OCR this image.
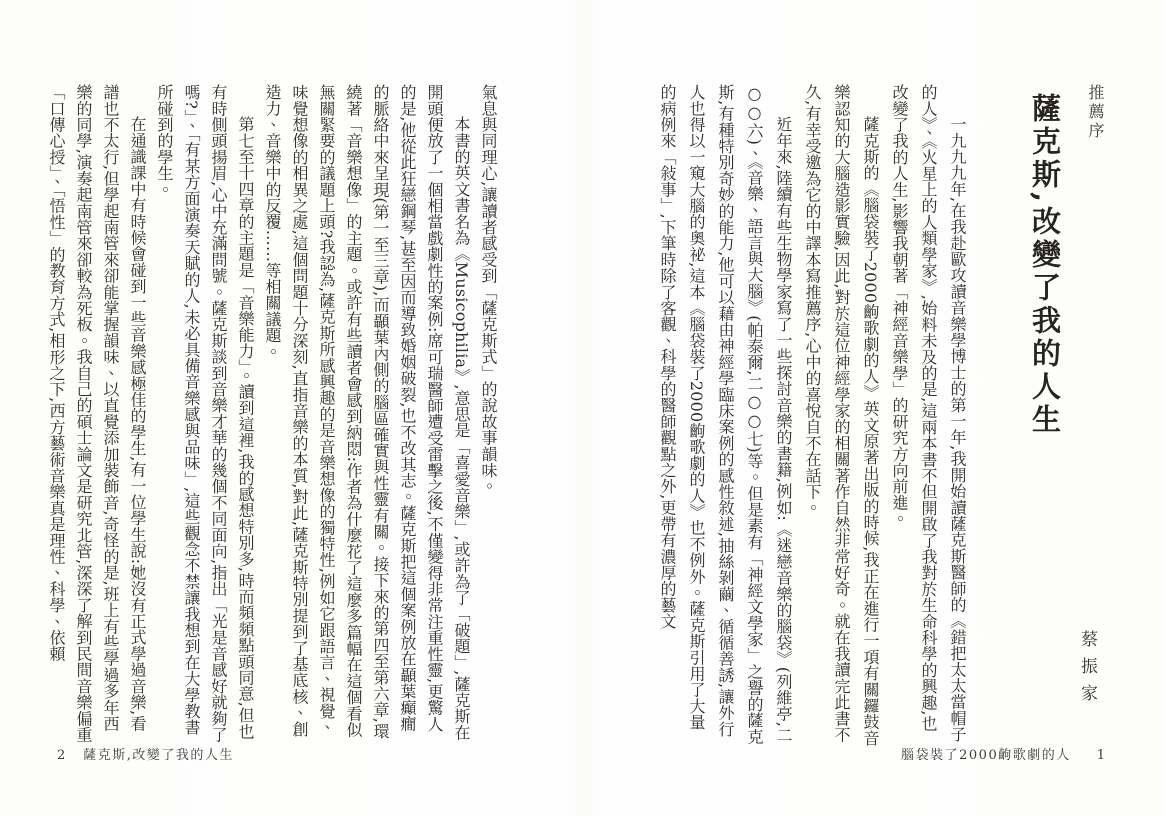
氣息與同理心,讓讀者感受到「薩克斯式」的說故事韻味。

本書的英文書名為《Musicophilia》,意思是「喜愛音樂」,或許為了「破題」,薩克斯在開頭便放了一個相當戲劇性的案例:席可瑞醫師遭受雷擊之後,不僅變得非常注重性靈,更驚人的是,他從此狂戀鋼琴,甚至因而導致婚姻破裂,也不改其志。薩克斯把這個案例放在顳葉癲癇的脈絡中來呈現(第一至三章),而顳葉內側的腦區確實與性靈有關。接下來的第四至第六章,環繞著「音樂想像」的主題。或許有些讀者會感到納悶:作者為什麼花了這麼多篇幅在這個看似無關緊要的議題上頭?我認為,薩克斯所感興趣的是音樂想像的獨特性,例如它跟語言、視覺、味覺想像的相異之處,這個問題十分深刻,直指音樂的本質,對此,薩克斯特別提到了基底核、創造力、音樂中的反覆……等相關議題。

第七至十四章的主題是「音樂能力」。讀到這裡,我的感想特別多,時而頻頻點頭同意,但也有時側頭揚眉,心中充滿問號。薩克斯談到音樂才華的幾個不同面向,指出「光是音感好就夠了嗎?」、「有某方面演奏天賦的人,未必具備音樂感與品味」,這些觀念不禁讓我想到在大學教書所碰到的學生。

在通識課中有時候會碰到一些音樂感極佳的學生,有一位學生說:她沒有正式學過音樂,看譜也不太行,但學起南管來卻能掌握韻味、以直覺添加裝飾音,奇怪的是,班上有些學過多年西樂的同學,演奏起南管來卻較為死板。我自己的碩士論文是研究北管,深深了解到民間音樂偏重「口傳心授」、「悟性」的教育方式,相形之下,西方藝術音樂真是理性、科學、依賴

2 薩克斯,改變了我的人生
推薦序
薩克斯,改變了我的人生
蔡振家

一九九九年,在我赴歐攻讀音樂學博士的第一年,我開始讀薩克斯醫師的《錯把太太當帽子的人》、《火星上的人類學家》,始料未及的是,這兩本書不但開啟了我對於生命科學的興趣,也改變了我的人生,影響我朝著「神經音樂學」的研究方向前進。

薩克斯的《腦袋裝了2000齣歌劇的人》英文原著出版的時候,我正在進行一項有關鑼鼓音樂認知的大腦造影實驗,因此,對於這位神經學家的相關著作自然非常好奇。就在我讀完此書不久,有幸受邀為它的中譯本寫推薦序,心中的喜悅自不在話下。

近年來,陸續有些生物學家寫了一些探討音樂的書籍,例如:《迷戀音樂的腦袋》(列維亭,二○○六)、《音樂、語言與大腦》(帕泰爾,二○○七)等。但是素有「神經文學家」之譽的薩克斯,有種特別奇妙的能力,他可以藉由神經學臨床案例的感性敘述,抽絲剝繭、循循善誘,讓外行人也得以一窺大腦的奧祕,這本《腦袋裝了2000齣歌劇的人》也不例外。薩克斯引用了大量的病例來「敍事」,下筆時除了客觀、科學的醫師觀點之外,更帶有濃厚的藝文

腦袋裝了2000齣歌劇的人 1
